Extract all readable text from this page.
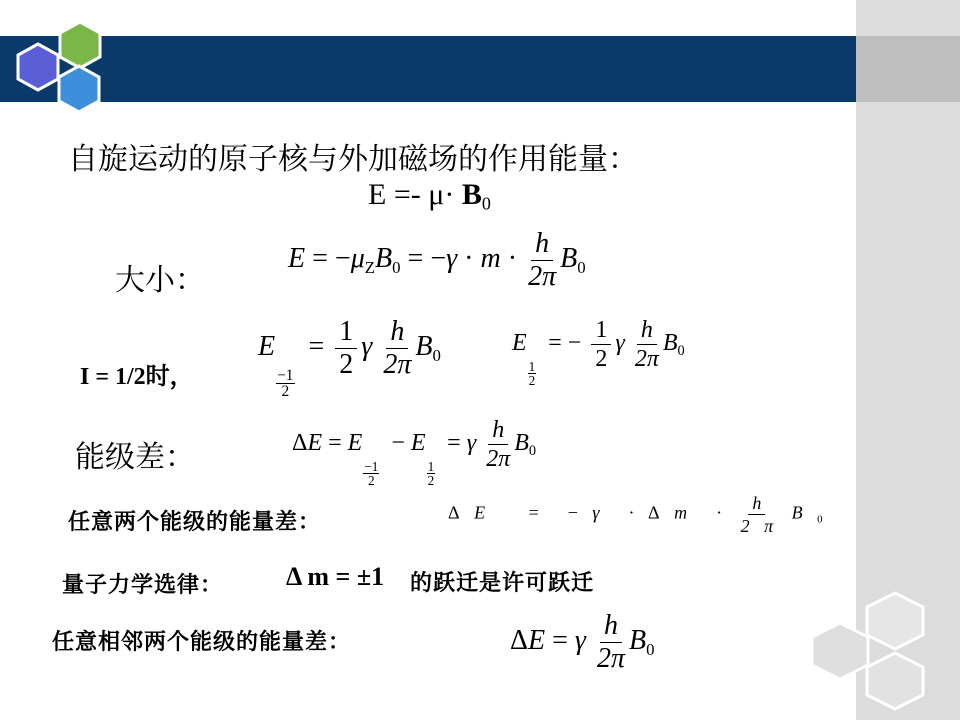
自旋运动的原子核与外加磁场的作用能量：
E =- μ· B0
大小：
$E = -\mu_ZB_0 = -\gamma \cdot m \cdot \frac{h}{2\pi} B_0$
I = 1/2时，
E
$\frac{-1}{2}$
= $\frac{1}{2}$ γ $\frac{h}{2\pi} B_0$	E
$\frac{1}{2}$
= − $\frac{1}{2}$ γ $\frac{h}{2\pi} B_0$
能级差：	ΔE = E
$\frac{-1}{2}$
− E
$\frac{1}{2}$
= γ $\frac{h}{2\pi} B_0$
任意两个能级的能量差：	Δ E   = − γ  · Δ $m \cdot \frac{h}{2 \pi}$ B $_0$
量子力学选律： Δ m = ±1 的跃迁是许可跃迁
任意相邻两个能级的能量差：	ΔE = γ $\frac{h}{2\pi} B_0$
